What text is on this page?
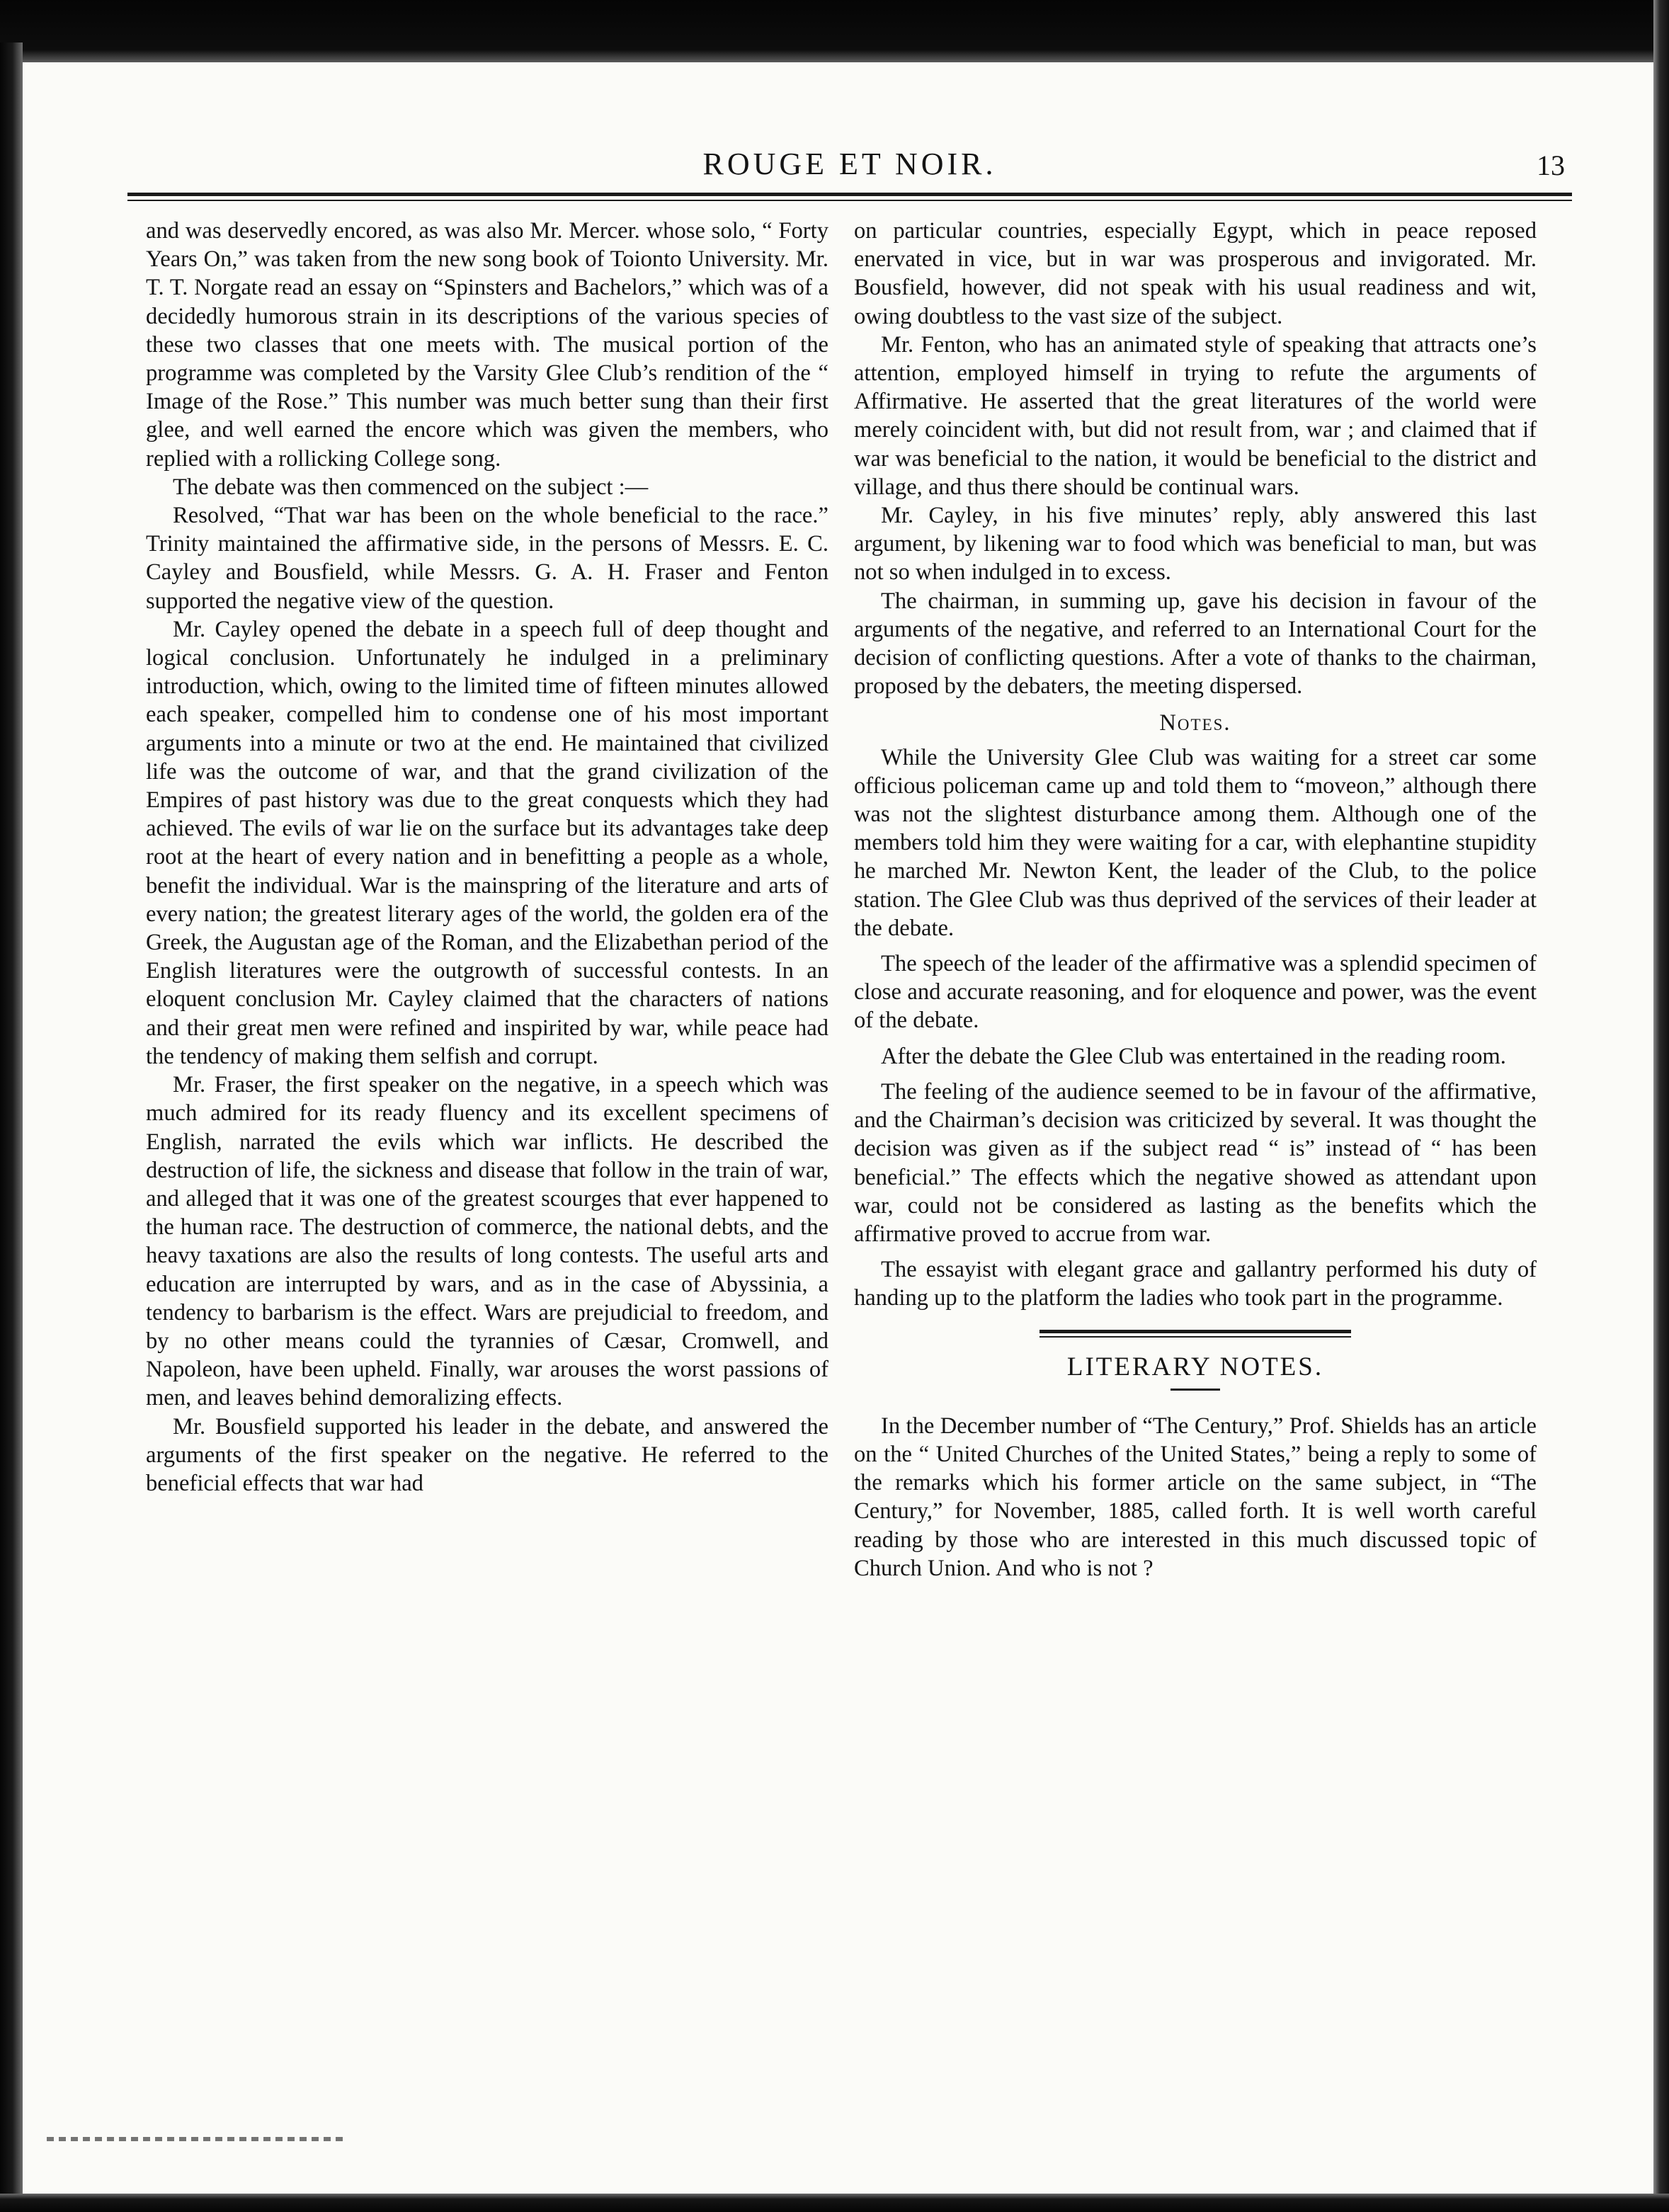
ROUGE ET NOIR.	13

and was deservedly encored, as was also Mr. Mercer. whose solo, “ Forty Years On,” was taken from the new song book of Toionto University. Mr. T. T. Norgate read an essay on “Spinsters and Bachelors,” which was of a decidedly humorous strain in its descriptions of the various species of these two classes that one meets with. The musical portion of the programme was completed by the Varsity Glee Club’s rendition of the “ Image of the Rose.” This number was much better sung than their first glee, and well earned the encore which was given the members, who replied with a rollicking College song.

The debate was then commenced on the subject :—

Resolved, “That war has been on the whole beneficial to the race.” Trinity maintained the affirmative side, in the persons of Messrs. E. C. Cayley and Bousfield, while Messrs. G. A. H. Fraser and Fenton supported the negative view of the question.

Mr. Cayley opened the debate in a speech full of deep thought and logical conclusion. Unfortunately he indulged in a preliminary introduction, which, owing to the limited time of fifteen minutes allowed each speaker, compelled him to condense one of his most important arguments into a minute or two at the end. He maintained that civilized life was the outcome of war, and that the grand civilization of the Empires of past history was due to the great conquests which they had achieved. The evils of war lie on the surface but its advantages take deep root at the heart of every nation and in benefitting a people as a whole, benefit the individual. War is the mainspring of the literature and arts of every nation; the greatest literary ages of the world, the golden era of the Greek, the Augustan age of the Roman, and the Elizabethan period of the English literatures were the outgrowth of successful contests. In an eloquent conclusion Mr. Cayley claimed that the characters of nations and their great men were refined and inspirited by war, while peace had the tendency of making them selfish and corrupt.

Mr. Fraser, the first speaker on the negative, in a speech which was much admired for its ready fluency and its excellent specimens of English, narrated the evils which war inflicts. He described the destruction of life, the sickness and disease that follow in the train of war, and alleged that it was one of the greatest scourges that ever happened to the human race. The destruction of commerce, the national debts, and the heavy taxations are also the results of long contests. The useful arts and education are interrupted by wars, and as in the case of Abyssinia, a tendency to barbarism is the effect. Wars are prejudicial to freedom, and by no other means could the tyrannies of Cæsar, Cromwell, and Napoleon, have been upheld. Finally, war arouses the worst passions of men, and leaves behind demoralizing effects.

Mr. Bousfield supported his leader in the debate, and answered the arguments of the first speaker on the negative. He referred to the beneficial effects that war had

on particular countries, especially Egypt, which in peace reposed enervated in vice, but in war was prosperous and invigorated. Mr. Bousfield, however, did not speak with his usual readiness and wit, owing doubtless to the vast size of the subject.

Mr. Fenton, who has an animated style of speaking that attracts one’s attention, employed himself in trying to refute the arguments of Affirmative. He asserted that the great literatures of the world were merely coincident with, but did not result from, war ; and claimed that if war was beneficial to the nation, it would be beneficial to the district and village, and thus there should be continual wars.

Mr. Cayley, in his five minutes’ reply, ably answered this last argument, by likening war to food which was beneficial to man, but was not so when indulged in to excess.

The chairman, in summing up, gave his decision in favour of the arguments of the negative, and referred to an International Court for the decision of conflicting questions. After a vote of thanks to the chairman, proposed by the debaters, the meeting dispersed.

Notes.

While the University Glee Club was waiting for a street car some officious policeman came up and told them to “moveon,” although there was not the slightest disturbance among them. Although one of the members told him they were waiting for a car, with elephantine stupidity he marched Mr. Newton Kent, the leader of the Club, to the police station. The Glee Club was thus deprived of the services of their leader at the debate.

The speech of the leader of the affirmative was a splendid specimen of close and accurate reasoning, and for eloquence and power, was the event of the debate.

After the debate the Glee Club was entertained in the reading room.

The feeling of the audience seemed to be in favour of the affirmative, and the Chairman’s decision was criticized by several. It was thought the decision was given as if the subject read “ is” instead of “ has been beneficial.” The effects which the negative showed as attendant upon war, could not be considered as lasting as the benefits which the affirmative proved to accrue from war.

The essayist with elegant grace and gallantry performed his duty of handing up to the platform the ladies who took part in the programme.

LITERARY NOTES.

In the December number of “The Century,” Prof. Shields has an article on the “ United Churches of the United States,” being a reply to some of the remarks which his former article on the same subject, in “The Century,” for November, 1885, called forth. It is well worth careful reading by those who are interested in this much discussed topic of Church Union. And who is not ?
